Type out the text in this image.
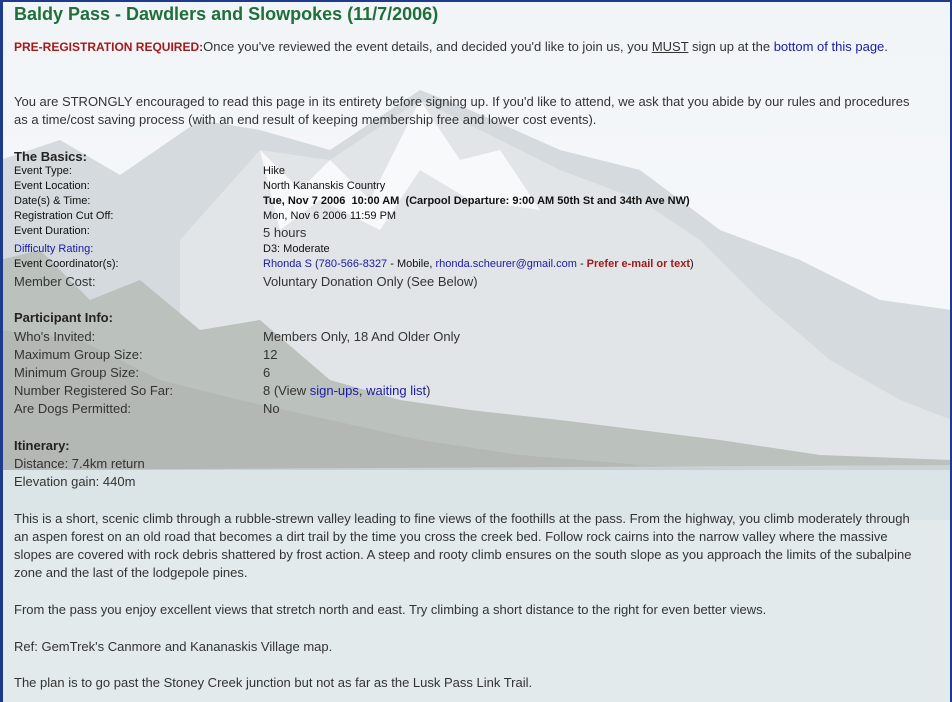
Baldy Pass - Dawdlers and Slowpokes (11/7/2006)
PRE-REGISTRATION REQUIRED:Once you've reviewed the event details, and decided you'd like to join us, you MUST sign up at the bottom of this page.
You are STRONGLY encouraged to read this page in its entirety before signing up. If you'd like to attend, we ask that you abide by our rules and procedures as a time/cost saving process (with an end result of keeping membership free and lower cost events).
The Basics:
Event Type:	Hike
Event Location:	North Kananskis Country
Date(s) & Time:	Tue, Nov 7 2006  10:00 AM  (Carpool Departure: 9:00 AM 50th St and 34th Ave NW)
Registration Cut Off:	Mon, Nov 6 2006 11:59 PM
Event Duration:	5 hours
Difficulty Rating:	D3: Moderate
Event Coordinator(s):	Rhonda S (780-566-8327 - Mobile, rhonda.scheurer@gmail.com - Prefer e-mail or text)
Member Cost:	Voluntary Donation Only (See Below)
Participant Info:
Who's Invited:	Members Only, 18 And Older Only
Maximum Group Size:	12
Minimum Group Size:	6
Number Registered So Far:	8 (View sign-ups, waiting list)
Are Dogs Permitted:	No
Itinerary:
Distance: 7.4km return
Elevation gain: 440m
This is a short, scenic climb through a rubble-strewn valley leading to fine views of the foothills at the pass. From the highway, you climb moderately through an aspen forest on an old road that becomes a dirt trail by the time you cross the creek bed. Follow rock cairns into the narrow valley where the massive slopes are covered with rock debris shattered by frost action. A steep and rooty climb ensures on the south slope as you approach the limits of the subalpine zone and the last of the lodgepole pines.
From the pass you enjoy excellent views that stretch north and east. Try climbing a short distance to the right for even better views.
Ref: GemTrek's Canmore and Kananaskis Village map.
The plan is to go past the Stoney Creek junction but not as far as the Lusk Pass Link Trail.
